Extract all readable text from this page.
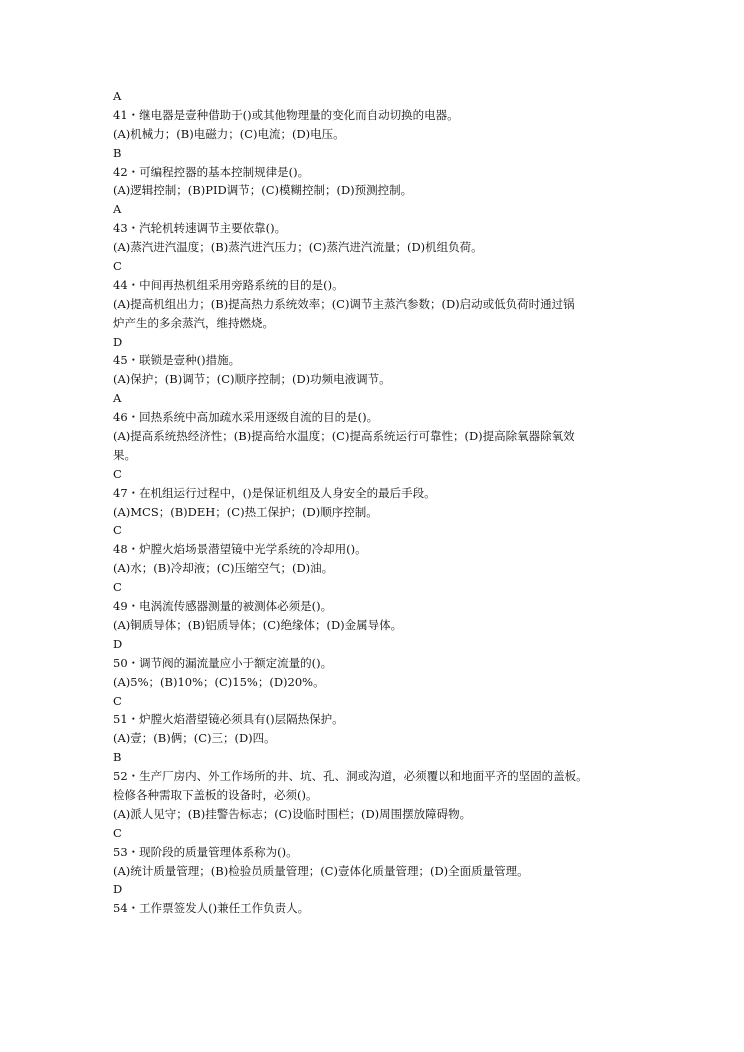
A
41・继电器是壹种借助于()或其他物理量的变化而自动切换的电器。
(A)机械力；(B)电磁力；(C)电流；(D)电压。
B
42・可编程控器的基本控制规律是()。
(A)逻辑控制；(B)PID调节；(C)模糊控制；(D)预测控制。
A
43・汽轮机转速调节主要依靠()。
(A)蒸汽进汽温度；(B)蒸汽进汽压力；(C)蒸汽进汽流量；(D)机组负荷。
C
44・中间再热机组采用旁路系统的目的是()。
(A)提高机组出力；(B)提高热力系统效率；(C)调节主蒸汽参数；(D)启动或低负荷时通过锅
炉产生的多余蒸汽，维持燃烧。
D
45・联锁是壹种()措施。
(A)保护；(B)调节；(C)顺序控制；(D)功频电液调节。
A
46・回热系统中高加疏水采用逐级自流的目的是()。
(A)提高系统热经济性；(B)提高给水温度；(C)提高系统运行可靠性；(D)提高除氧器除氧效
果。
C
47・在机组运行过程中，()是保证机组及人身安全的最后手段。
(A)MCS；(B)DEH；(C)热工保护；(D)顺序控制。
C
48・炉膛火焰场景潜望镜中光学系统的冷却用()。
(A)水；(B)冷却液；(C)压缩空气；(D)油。
C
49・电涡流传感器测量的被测体必须是()。
(A)铜质导体；(B)铝质导体；(C)绝缘体；(D)金属导体。
D
50・调节阀的漏流量应小于额定流量的()。
(A)5%；(B)10%；(C)15%；(D)20%。
C
51・炉膛火焰潜望镜必须具有()层隔热保护。
(A)壹；(B)俩；(C)三；(D)四。
B
52・生产厂房内、外工作场所的井、坑、孔、洞或沟道，必须覆以和地面平齐的坚固的盖板。
检修各种需取下盖板的设备时，必须()。
(A)派人见守；(B)挂警告标志；(C)设临时围栏；(D)周围摆放障碍物。
C
53・现阶段的质量管理体系称为()。
(A)统计质量管理；(B)检验员质量管理；(C)壹体化质量管理；(D)全面质量管理。
D
54・工作票签发人()兼任工作负责人。
